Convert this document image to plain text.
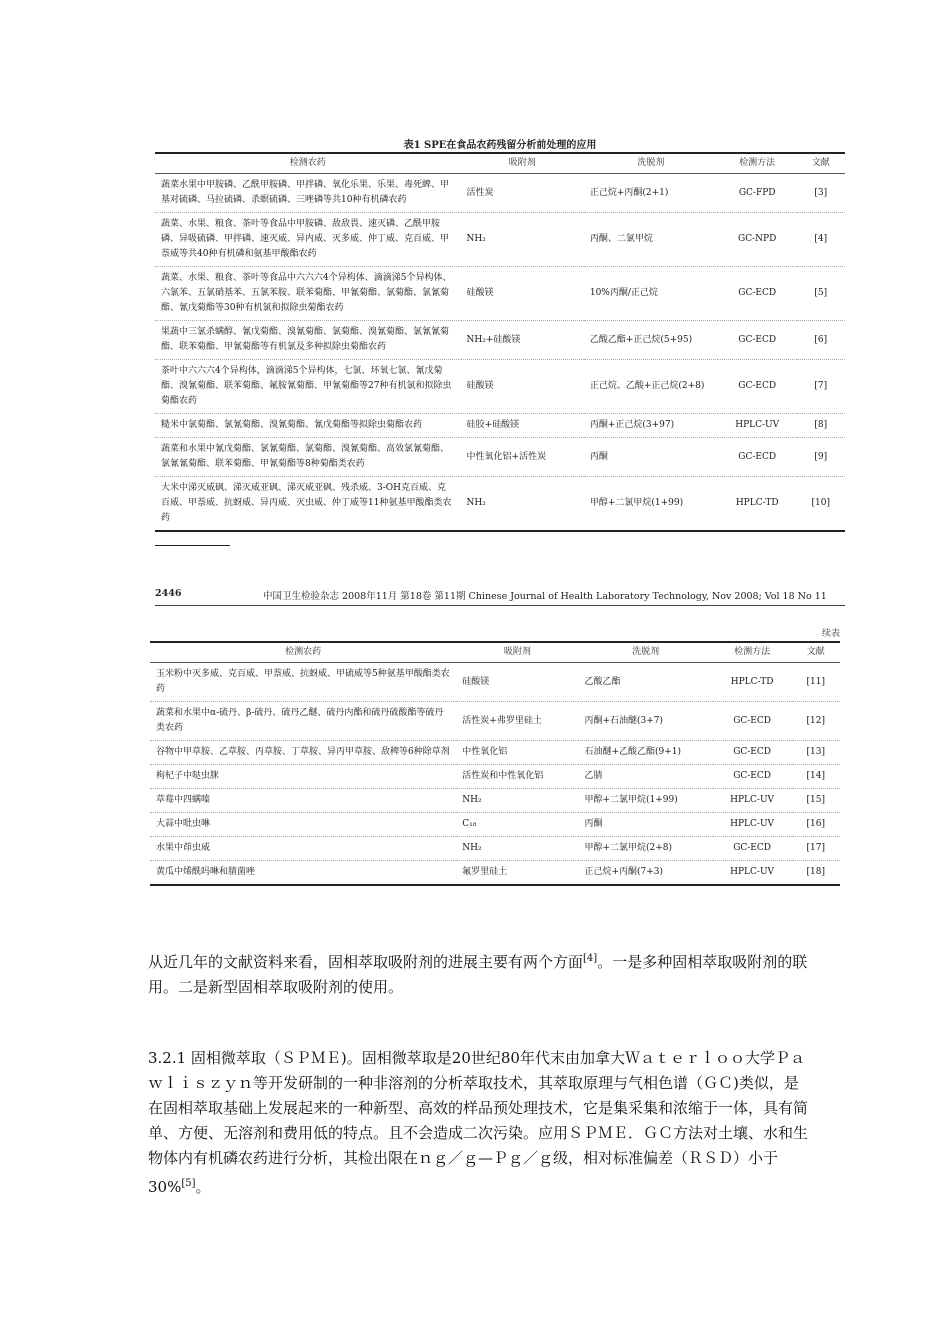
表1 SPE在食品农药残留分析前处理的应用
检测农药	吸附剂	洗脱剂	检测方法	文献
蔬菜水果中甲胺磷、乙酰甲胺磷、甲拌磷、氧化乐果、乐果、毒死蜱、甲基对硫磷、马拉硫磷、杀螟硫磷、三唑磷等共10种有机磷农药	活性炭	正己烷+丙酮(2+1)	GC-FPD	[3]
蔬菜、水果、粮食、茶叶等食品中甲胺磷、敌敌畏、速灭磷、乙酰甲胺磷、异吸硫磷、甲拌磷、速灭威、异内威、灭多威、仲丁威、克百威、甲萘威等共40种有机磷和氨基甲酸酯农药	NH₂	丙酮、二氯甲烷	GC-NPD	[4]
蔬菜、水果、粮食、茶叶等食品中六六六4个异构体、滴滴涕5个异构体、六氯苯、五氯硝基苯、五氯苯胺、联苯菊酯、甲氰菊酯、氯菊酯、氯氰菊酯、氰戊菊酯等30种有机氯和拟除虫菊酯农药	硅酸镁	10%丙酮/正己烷	GC-ECD	[5]
果蔬中三氯杀螨醇、氰戊菊酯、溴氰菊酯、氯菊酯、溴氰菊酯、氯氰氰菊酯、联苯菊酯、甲氰菊酯等有机氯及多种拟除虫菊酯农药	NH₂+硅酸镁	乙酸乙酯+正己烷(5+95)	GC-ECD	[6]
茶叶中六六六4个异构体，滴滴涕5个异构体，七氯、环氧七氯、氰戊菊酯、溴氰菊酯、联苯菊酯、氟胺氰菊酯、甲氰菊酯等27种有机氯和拟除虫菊酯农药	硅酸镁	正己烷、乙酸+正己烷(2+8)	GC-ECD	[7]
糙米中氯菊酯、氯氰菊酯、溴氰菊酯、氰戊菊酯等拟除虫菊酯农药	硅胶+硅酸镁	丙酮+正己烷(3+97)	HPLC-UV	[8]
蔬菜和水果中氰戊菊酯、氯氰菊酯、氯菊酯、溴氰菊酯、高效氯氰菊酯、氯氰氰菊酯、联苯菊酯、甲氰菊酯等8种菊酯类农药	中性氧化铝+活性炭	丙酮	GC-ECD	[9]
大米中涕灭威砜、涕灭威亚砜、涕灭威亚砜、残杀威、3-OH克百威、克百威、甲萘威、抗蚜威、异丙威、灭虫威、仲丁威等11种氨基甲酸酯类农药	NH₂	甲醇+二氯甲烷(1+99)	HPLC-TD	[10]
2446	中国卫生检验杂志 2008年11月 第18卷 第11期 Chinese Journal of Health Laboratory Technology, Nov 2008; Vol 18 No 11
续表
检测农药	吸附剂	洗脱剂	检测方法	文献
玉米粉中灭多威、克百威、甲萘威、抗蚜威、甲硫威等5种氨基甲酸酯类农药	硅酸镁	乙酸乙酯	HPLC-TD	[11]
蔬菜和水果中α-硫丹、β-硫丹、硫丹乙醚、硫丹内酯和硫丹硫酸酯等硫丹类农药	活性炭+弗罗里硅土	丙酮+石油醚(3+7)	GC-ECD	[12]
谷物中甲草胺、乙草胺、丙草胺、丁草胺、异丙甲草胺、敌稗等6种除草剂	中性氧化铝	石油醚+乙酸乙酯(9+1)	GC-ECD	[13]
枸杞子中哒虫脒	活性炭和中性氧化铝	乙腈	GC-ECD	[14]
草莓中四螨嗪	NH₂	甲醇+二氯甲烷(1+99)	HPLC-UV	[15]
大蒜中吡虫啉	C₁₈	丙酮	HPLC-UV	[16]
水果中茚虫威	NH₂	甲醇+二氯甲烷(2+8)	GC-ECD	[17]
黄瓜中烯酰吗啉和腈菌唑	氟罗里硅土	正己烷+丙酮(7+3)	HPLC-UV	[18]
从近几年的文献资料来看，固相萃取吸附剂的进展主要有两个方面[4]。一是多种固相萃取吸附剂的联用。二是新型固相萃取吸附剂的使用。
3.2.1 固相微萃取（ＳＰＭＥ)。固相微萃取是20世纪80年代末由加拿大Ｗａｔｅｒｌｏｏ大学Ｐａｗｌｉｓｚｙｎ等开发研制的一种非溶剂的分析萃取技术，其萃取原理与气相色谱（ＧＣ)类似，是在固相萃取基础上发展起来的一种新型、高效的样品预处理技术，它是集采集和浓缩于一体，具有简单、方便、无溶剂和费用低的特点。且不会造成二次污染。应用ＳＰＭＥ．ＧＣ方法对土壤、水和生物体内有机磷农药进行分析，其检出限在ｎｇ／ｇ—Ｐｇ／ｇ级，相对标准偏差（ＲＳＤ）小于30%[5]。
